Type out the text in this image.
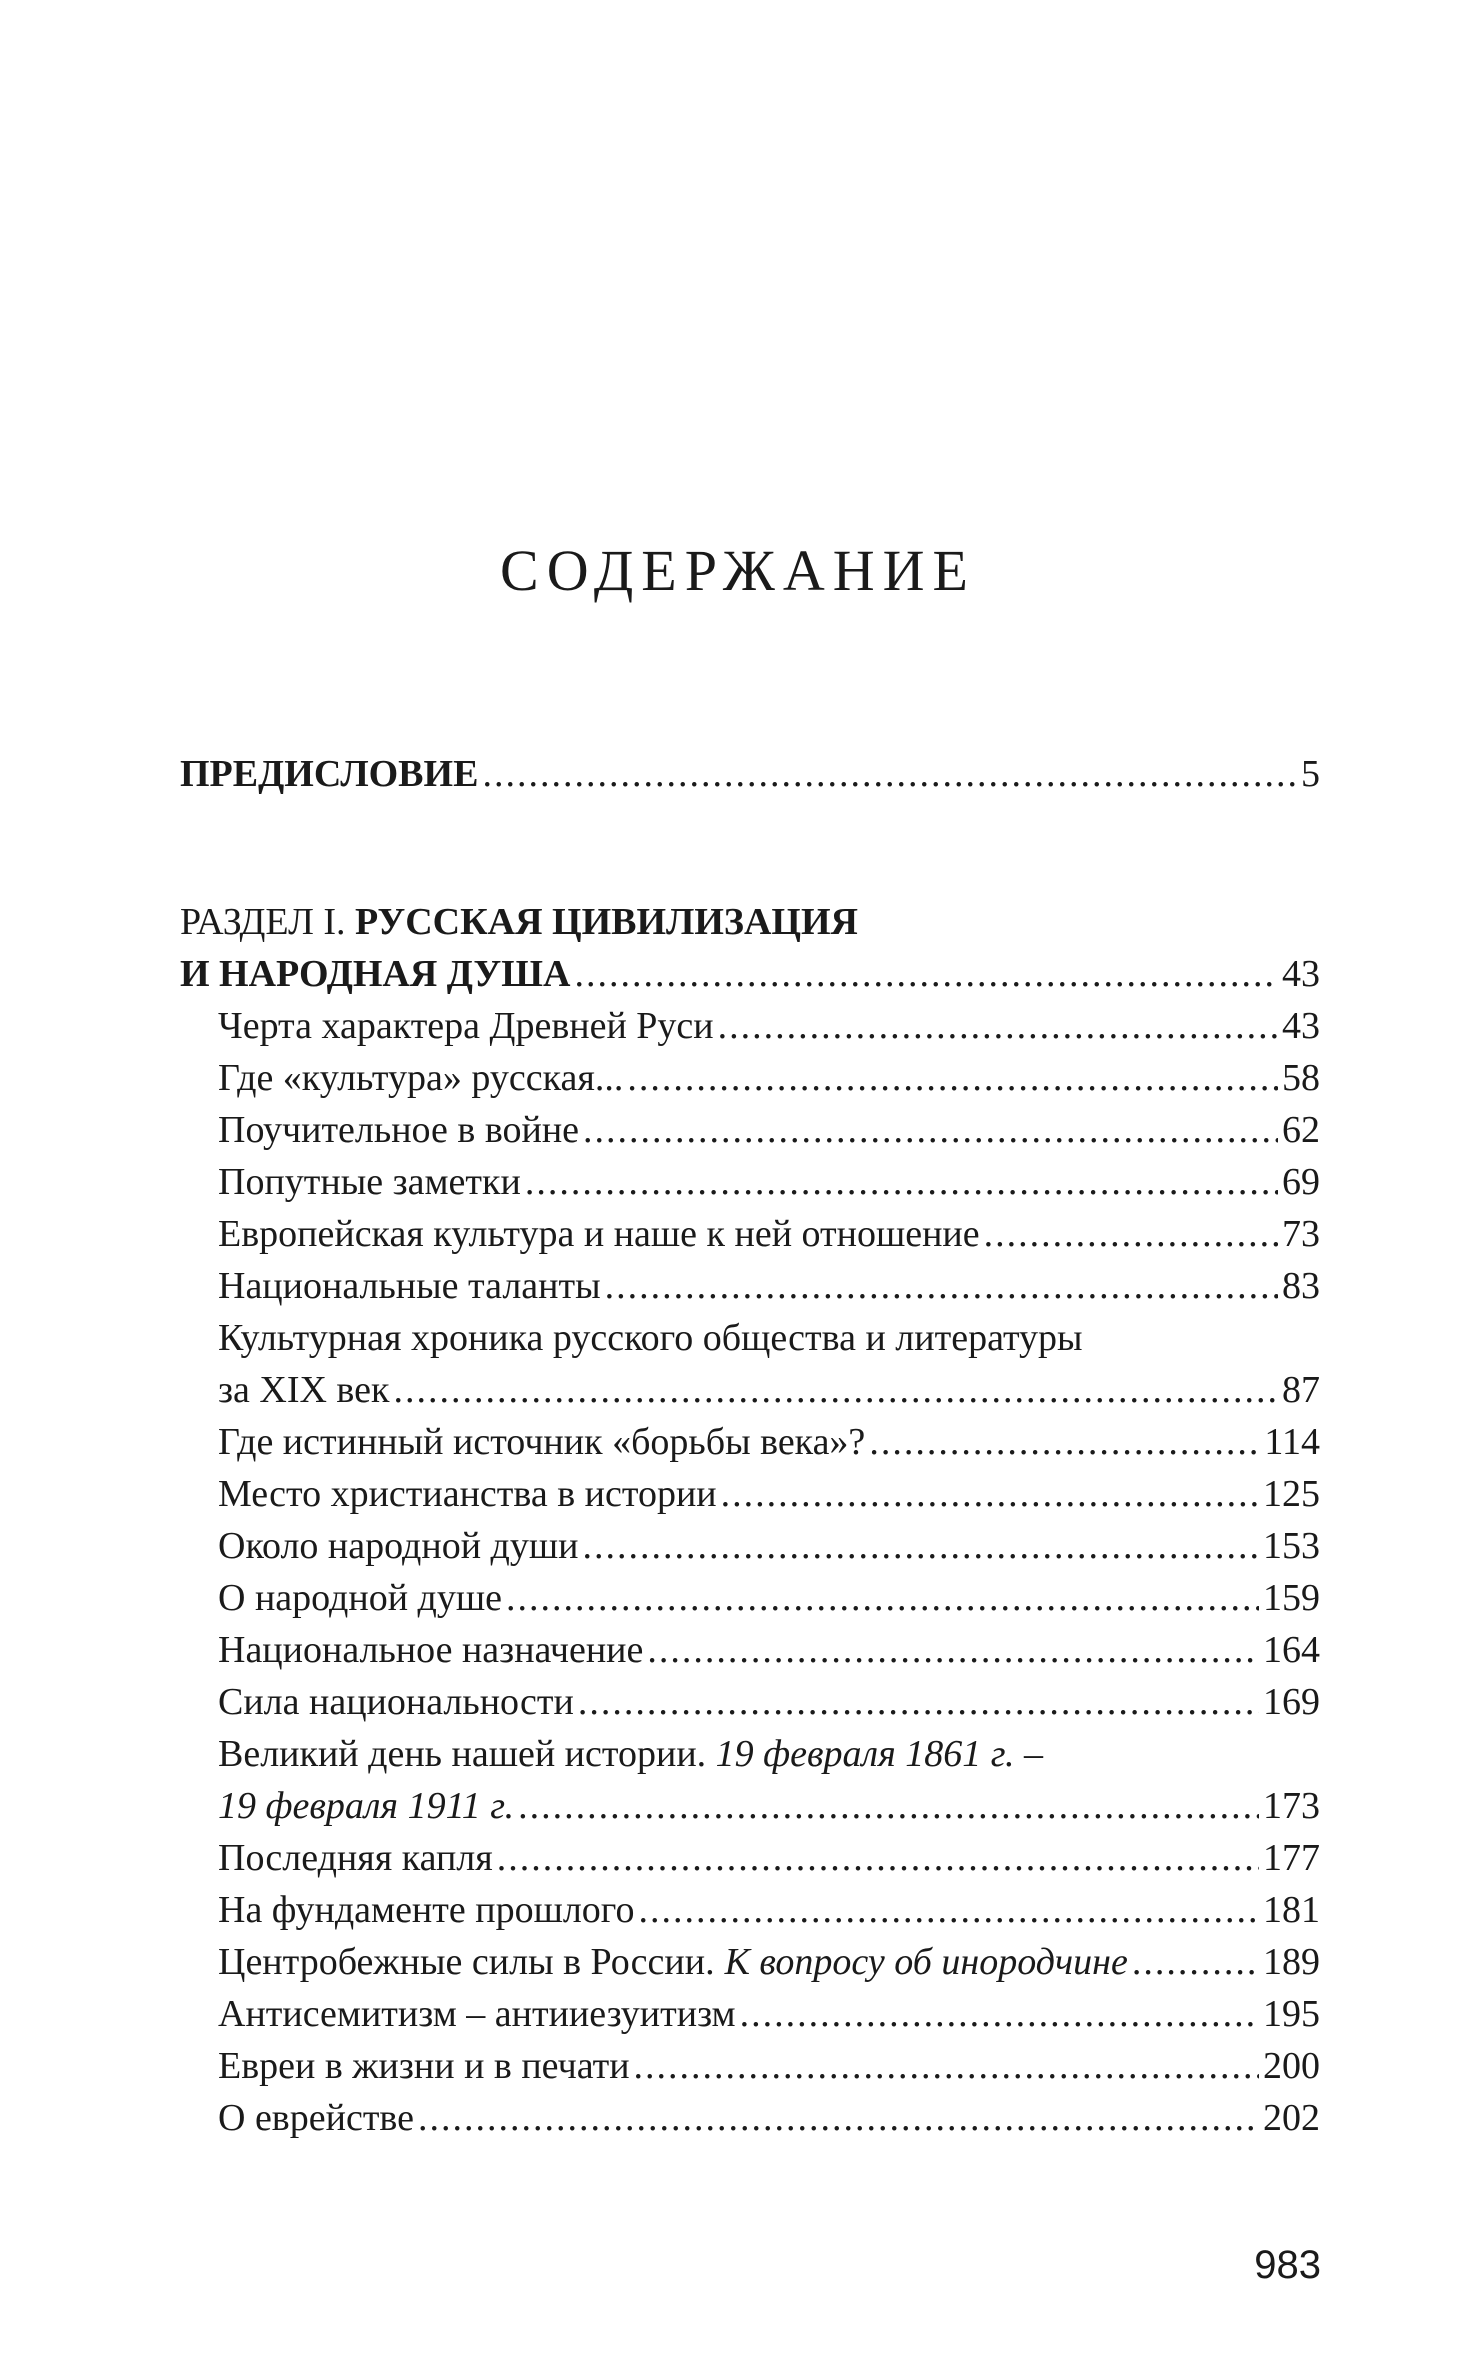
СОДЕРЖАНИЕ
ПРЕДИСЛОВИЕ .....	5
РАЗДЕЛ I. РУССКАЯ ЦИВИЛИЗАЦИЯ
И НАРОДНАЯ ДУША .....	43
Черта характера Древней Руси .....	43
Где «культура» русская... .....	58
Поучительное в войне .....	62
Попутные заметки .....	69
Европейская культура и наше к ней отношение .....	73
Национальные таланты .....	83
Культурная хроника русского общества и литературы
за XIX век .....	87
Где истинный источник «борьбы века»? .....	114
Место христианства в истории .....	125
Около народной души .....	153
О народной душе .....	159
Национальное назначение .....	164
Сила национальности .....	169
Великий день нашей истории. 19 февраля 1861 г. –
19 февраля 1911 г. .....	173
Последняя капля .....	177
На фундаменте прошлого .....	181
Центробежные силы в России. К вопросу об инородчине .....	189
Антисемитизм – антииезуитизм .....	195
Евреи в жизни и в печати .....	200
О еврействе .....	202
983
